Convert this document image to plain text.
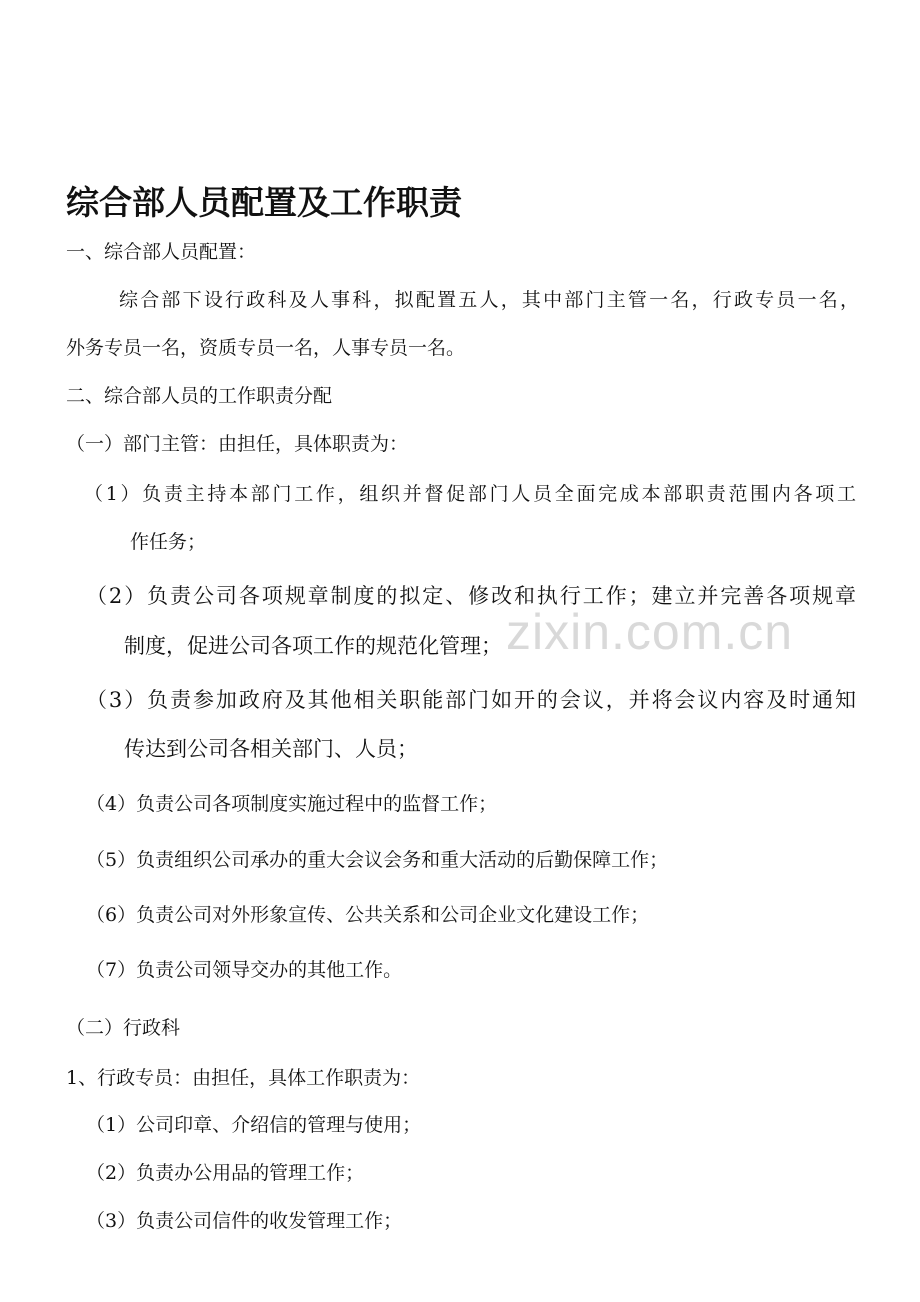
zixin.com.cn
综合部人员配置及工作职责
一、综合部人员配置：
综合部下设行政科及人事科，拟配置五人，其中部门主管一名，行政专员一名，
外务专员一名，资质专员一名，人事专员一名。
二、综合部人员的工作职责分配
（一）部门主管：由担任，具体职责为：
（1）负责主持本部门工作，组织并督促部门人员全面完成本部职责范围内各项工
作任务；
（2）负责公司各项规章制度的拟定、修改和执行工作；建立并完善各项规章
制度，促进公司各项工作的规范化管理；
（3）负责参加政府及其他相关职能部门如开的会议，并将会议内容及时通知
传达到公司各相关部门、人员；
（4）负责公司各项制度实施过程中的监督工作；
（5）负责组织公司承办的重大会议会务和重大活动的后勤保障工作；
（6）负责公司对外形象宣传、公共关系和公司企业文化建设工作；
（7）负责公司领导交办的其他工作。
（二）行政科
1、行政专员：由担任，具体工作职责为：
（1）公司印章、介绍信的管理与使用；
（2）负责办公用品的管理工作；
（3）负责公司信件的收发管理工作；
